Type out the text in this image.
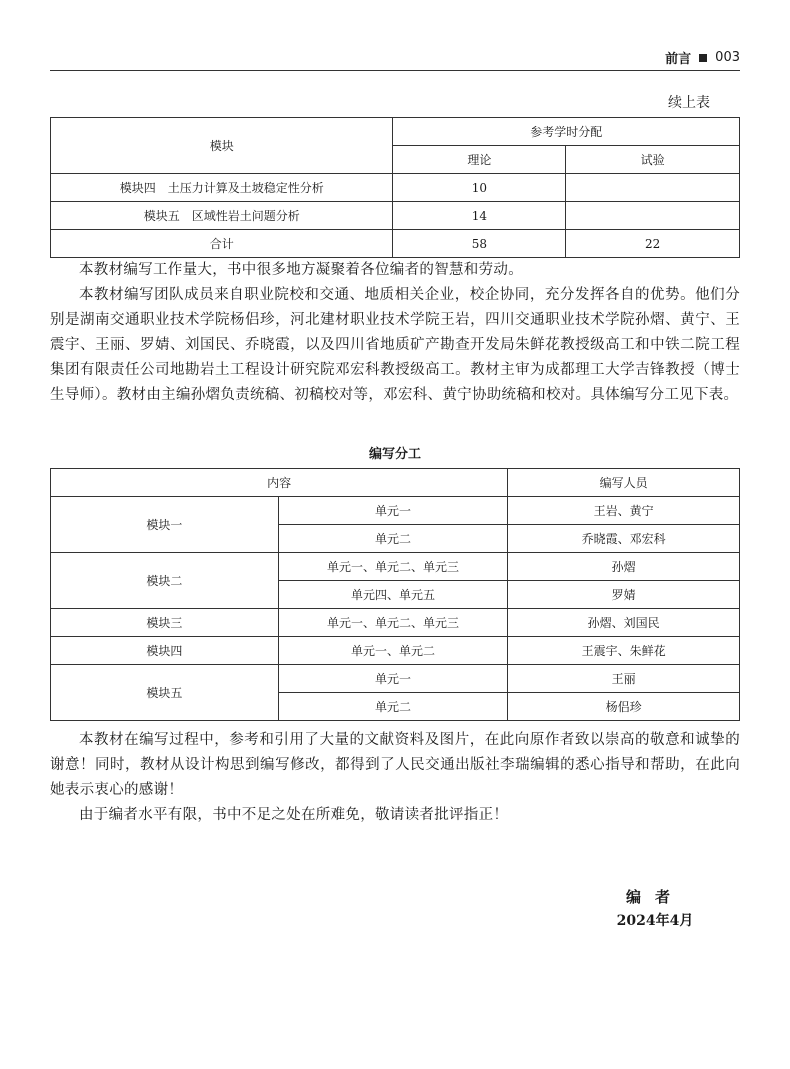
前言 003
续上表
模块	参考学时分配	
	理论	试验
模块四　土压力计算及土坡稳定性分析	10	
模块五　区域性岩土问题分析	14	
合计	58	22

本教材编写工作量大，书中很多地方凝聚着各位编者的智慧和劳动。

本教材编写团队成员来自职业院校和交通、地质相关企业，校企协同，充分发挥各自的优势。他们分别是湖南交通职业技术学院杨侣珍，河北建材职业技术学院王岩，四川交通职业技术学院孙熠、黄宁、王震宇、王丽、罗婧、刘国民、乔晓霞，以及四川省地质矿产勘查开发局朱鲜花教授级高工和中铁二院工程集团有限责任公司地勘岩土工程设计研究院邓宏科教授级高工。教材主审为成都理工大学吉锋教授（博士生导师）。教材由主编孙熠负责统稿、初稿校对等，邓宏科、黄宁协助统稿和校对。具体编写分工见下表。

编写分工
内容		编写人员
模块一	单元一	王岩、黄宁
	单元二	乔晓霞、邓宏科
模块二	单元一、单元二、单元三	孙熠
	单元四、单元五	罗婧
模块三	单元一、单元二、单元三	孙熠、刘国民
模块四	单元一、单元二	王震宇、朱鲜花
模块五	单元一	王丽
	单元二	杨侣珍

本教材在编写过程中，参考和引用了大量的文献资料及图片，在此向原作者致以崇高的敬意和诚挚的谢意！同时，教材从设计构思到编写修改，都得到了人民交通出版社李瑞编辑的悉心指导和帮助，在此向她表示衷心的感谢！

由于编者水平有限，书中不足之处在所难免，敬请读者批评指正！

编者
2024年4月
